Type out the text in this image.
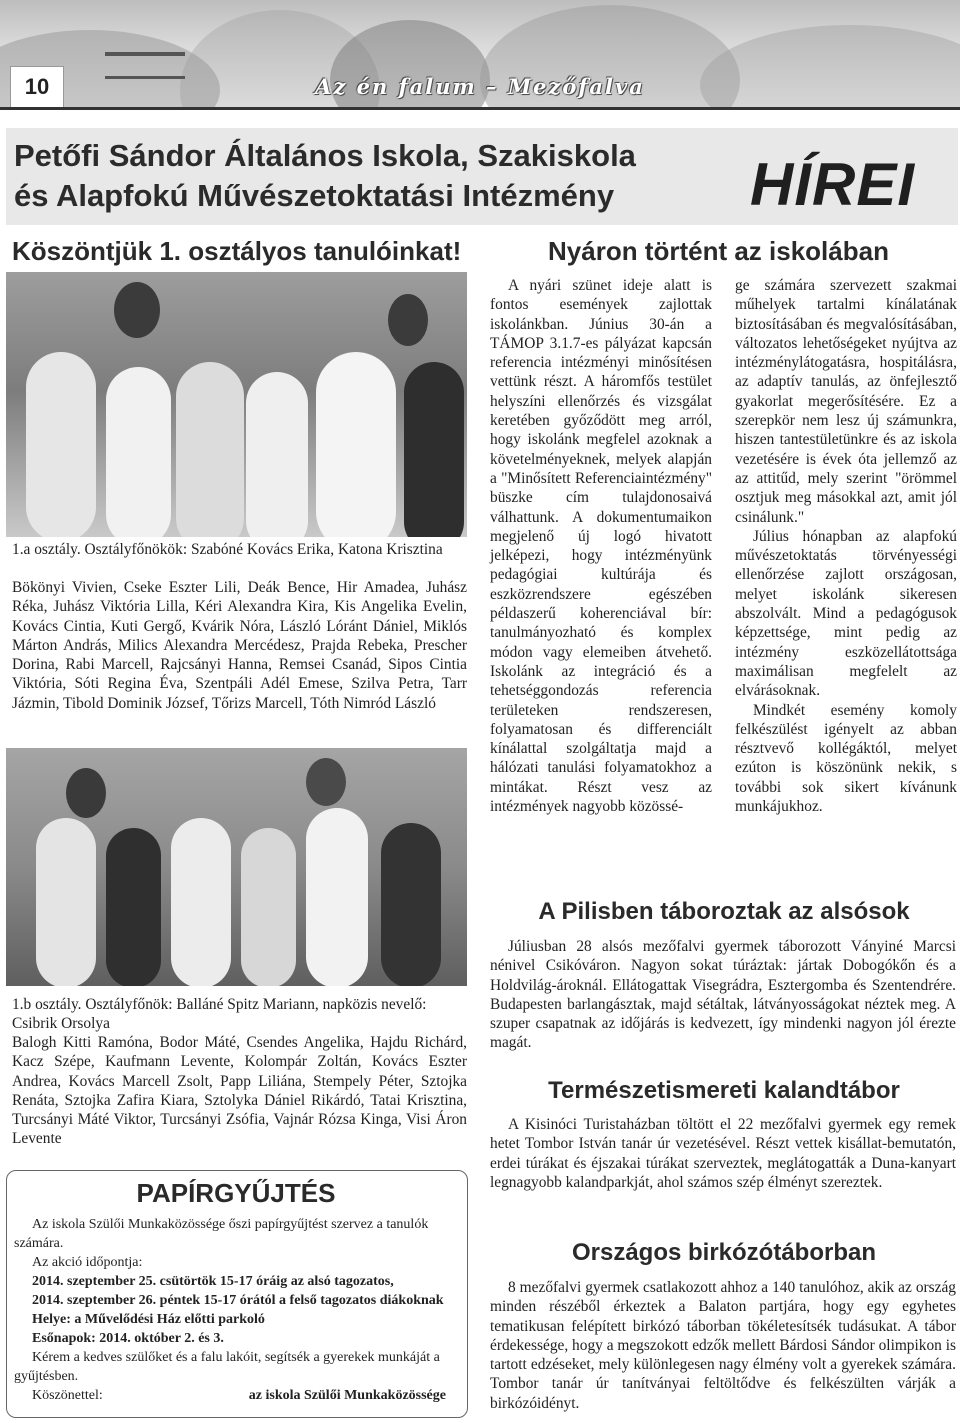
10	Az én falum – Mezőfalva
Petőfi Sándor Általános Iskola, Szakiskola
és Alapfokú Művészetoktatási Intézmény	HÍREI
Köszöntjük 1. osztályos tanulóinkat!	Nyáron történt az iskolában
1.a osztály. Osztályfőnökök: Szabóné Kovács Erika, Katona Krisztina
Bökönyi Vivien, Cseke Eszter Lili, Deák Bence, Hir Amadea, Juhász Réka, Juhász Viktória Lilla, Kéri Alexandra Kira, Kis Angelika Evelin, Kovács Cintia, Kuti Gergő, Kvárik Nóra, László Lóránt Dániel, Miklós Márton András, Milics Alexandra Mercédesz, Prajda Rebeka, Prescher Dorina, Rabi Marcell, Rajcsányi Hanna, Remsei Csanád, Sipos Cintia Viktória, Sóti Regina Éva, Szentpáli Adél Emese, Szilva Petra, Tarr Jázmin, Tibold Dominik József, Tőrizs Marcell, Tóth Nimród László
1.b osztály. Osztályfőnök: Balláné Spitz Mariann, napközis nevelő: Csibrik Orsolya
Balogh Kitti Ramóna, Bodor Máté, Csendes Angelika, Hajdu Richárd, Kacz Szépe, Kaufmann Levente, Kolompár Zoltán, Kovács Eszter Andrea, Kovács Marcell Zsolt, Papp Liliána, Stempely Péter, Sztojka Renáta, Sztojka Zafira Kiara, Sztolyka Dániel Rikárdó, Tatai Krisztina, Turcsányi Máté Viktor, Turcsányi Zsófia, Vajnár Rózsa Kinga, Visi Áron Levente
PAPÍRGYŰJTÉS

Az iskola Szülői Munkaközössége őszi papírgyűjtést szervez a tanulók számára.

Az akció időpontja:

2014. szeptember 25. csütörtök 15-17 óráig az alsó tagozatos,

2014. szeptember 26. péntek 15-17 órától a felső tagozatos diákoknak

Helye: a Művelődési Ház előtti parkoló

Esőnapok: 2014. október 2. és 3.

Kérem a kedves szülőket és a falu lakóit, segítsék a gyerekek munkáját a gyűjtésben.

Köszönettel:	az iskola Szülői Munkaközössége

A nyári szünet ideje alatt is fontos események zajlottak iskolánkban. Június 30-án a TÁMOP 3.1.7-es pályázat kapcsán referencia intézményi minősítésen vettünk részt. A háromfős testület helyszíni ellenőrzés és vizsgálat keretében győződött meg arról, hogy iskolánk megfelel azoknak a követelményeknek, melyek alapján a "Minősített Referenciaintézmény" büszke cím tulajdonosaivá válhattunk. A dokumentumaikon megjelenő új logó hivatott jelképezi, hogy intézményünk pedagógiai kultúrája és eszközrendszere egészében példaszerű koherenciával bír: tanulmányozható és komplex módon vagy elemeiben átvehető. Iskolánk az integráció és a tehetséggondozás referencia területeken rendszeresen, folyamatosan és differenciált kínálattal szolgáltatja majd a hálózati tanulási folyamatokhoz a mintákat. Részt vesz az intézmények nagyobb közössé-

ge számára szervezett szakmai műhelyek tartalmi kínálatának biztosításában és megvalósításában, változatos lehetőségeket nyújtva az intézménylátogatásra, hospitálásra, az adaptív tanulás, az önfejlesztő gyakorlat megerősítésére. Ez a szerepkör nem lesz új számunkra, hiszen tantestületünkre és az iskola vezetésére is évek óta jellemző az az attitűd, mely szerint "örömmel osztjuk meg másokkal azt, amit jól csinálunk."

Július hónapban az alapfokú művészetoktatás törvényességi ellenőrzése zajlott országosan, melyet iskolánk sikeresen abszolvált. Mind a pedagógusok képzettsége, mint pedig az intézmény eszközellátottsága maximálisan megfelelt az elvárásoknak.

Mindkét esemény komoly felkészülést igényelt az abban résztvevő kollégáktól, melyet ezúton is köszönünk nekik, s további sok sikert kívánunk munkájukhoz.

A Pilisben táboroztak az alsósok

Júliusban 28 alsós mezőfalvi gyermek táborozott Ványiné Marcsi nénivel Csikóváron. Nagyon sokat túráztak: jártak Dobogókőn és a Holdvilág-ároknál. Ellátogattak Visegrádra, Esztergomba és Szentendrére. Budapesten barlangásztak, majd sétáltak, látványosságokat néztek meg. A szuper csapatnak az időjárás is kedvezett, így mindenki nagyon jól érezte magát.

Természetismereti kalandtábor

A Kisinóci Turistaházban töltött el 22 mezőfalvi gyermek egy remek hetet Tombor István tanár úr vezetésével. Részt vettek kisállat-bemutatón, erdei túrákat és éjszakai túrákat szerveztek, meglátogatták a Duna-kanyart legnagyobb kalandparkját, ahol számos szép élményt szereztek.

Országos birkózótáborban

8 mezőfalvi gyermek csatlakozott ahhoz a 140 tanulóhoz, akik az ország minden részéből érkeztek a Balaton partjára, hogy egy egyhetes tematikusan felépített birkózó táborban tökéletesítsék tudásukat. A tábor érdekessége, hogy a megszokott edzők mellett Bárdosi Sándor olimpikon is tartott edzéseket, mely különlegesen nagy élmény volt a gyerekek számára. Tombor tanár úr tanítványai feltöltődve és felkészülten várják a birkózóidényt.
